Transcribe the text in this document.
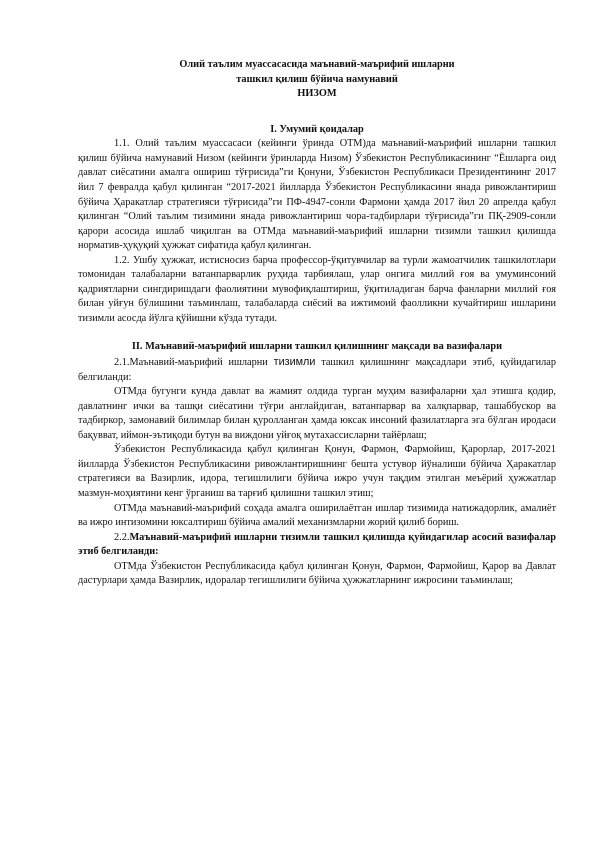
Олий таълим муассасасида маънавий-маърифий ишларни
ташкил қилиш бўйича намунавий
НИЗОМ
I. Умумий қоидалар

1.1. Олий таълим муассасаси (кейинги ўринда ОТМ)да маънавий-маърифий ишларни ташкил қилиш бўйича намунавий Низом (кейинги ўринларда Низом) Ўзбекистон Республикасининг “Ёшларга оид давлат сиёсатини амалга ошириш тўғрисида”ги Қонуни, Ўзбекистон Республикаси Президентининг 2017 йил 7 февралда қабул қилинган “2017-2021 йилларда Ўзбекистон Республикасини янада ривожлантириш бўйича Ҳаракатлар стратегияси тўғрисида”ги ПФ-4947-сонли Фармони ҳамда 2017 йил 20 апрелда қабул қилинган “Олий таълим тизимини янада ривожлантириш чора-тадбирлари тўғрисида”ги ПҚ-2909-сонли қарори асосида ишлаб чиқилган ва ОТМда маънавий-маърифий ишларни тизимли ташкил қилишда норматив-ҳуқуқий ҳужжат сифатида қабул қилинган.

1.2. Ушбу ҳужжат, истисносиз барча профессор-ўқитувчилар ва турли жамоатчилик ташкилотлари томонидан талабаларни ватанпарварлик руҳида тарбиялаш, улар онгига миллий ғоя ва умуминсоний қадриятларни сингдиришдаги фаолиятини мувофиқлаштириш, ўқитиладиган барча фанларни миллий ғоя билан уйғун бўлишини таъминлаш, талабаларда сиёсий ва ижтимоий фаолликни кучайтириш ишларини тизимли асосда йўлга қўйишни кўзда тутади.

II. Маънавий-маърифий ишларни ташкил қилишнинг мақсади ва вазифалари

2.1.Маънавий-маърифий ишларни тизимли ташкил қилишнинг мақсадлари этиб, қуйидагилар белгиланди:

ОТМда бугунги кунда давлат ва жамият олдида турган муҳим вазифаларни ҳал этишга қодир, давлатнинг ички ва ташқи сиёсатини тўғри англайдиган, ватанпарвар ва халқпарвар, ташаббускор ва тадбиркор, замонавий билимлар билан қуролланган ҳамда юксак инсоний фазилатларга эга бўлган иродаси бақувват, иймон-эътиқоди бутун ва виждони уйғоқ мутахассисларни тайёрлаш;

Ўзбекистон Республикасида қабул қилинган Қонун, Фармон, Фармойиш, Қарорлар, 2017-2021 йилларда Ўзбекистон Республикасини ривожлантиришнинг бешта устувор йўналиши бўйича Ҳаракатлар стратегияси ва Вазирлик, идора, тегишлилиги бўйича ижро учун тақдим этилган меъёрий ҳужжатлар мазмун-моҳиятини кенг ўрганиш ва тарғиб қилишни ташкил этиш;

ОТМда маънавий-маърифий соҳада амалга оширилаётган ишлар тизимида натижадорлик, амалиёт ва ижро интизомини юксалтириш бўйича амалий механизмларни жорий қилиб бориш.

2.2.Маънавий-маърифий ишларни тизимли ташкил қилишда қуйидагилар асосий вазифалар этиб белгиланди:

ОТМда Ўзбекистон Республикасида қабул қилинган Қонун, Фармон, Фармойиш, Қарор ва Давлат дастурлари ҳамда Вазирлик, идоралар тегишлилиги бўйича ҳужжатларнинг ижросини таъминлаш;
